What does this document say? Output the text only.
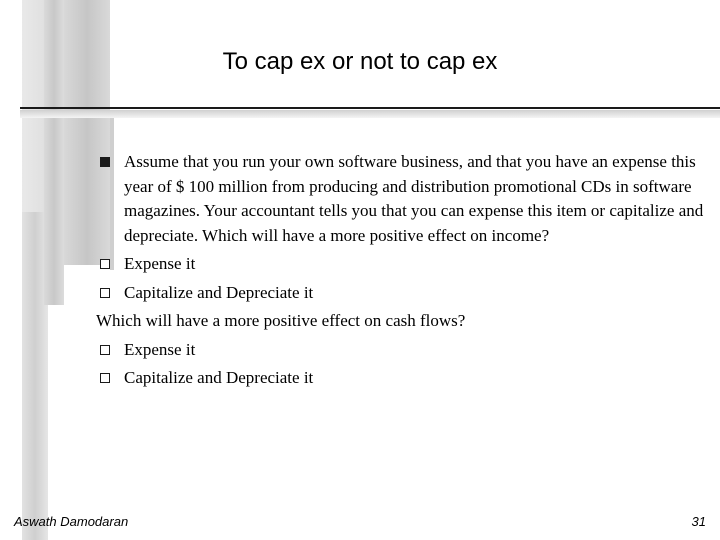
To cap ex or not to cap ex
Assume that you run your own software business, and that you have an expense this year of $ 100 million from producing and distribution promotional CDs in software magazines. Your accountant tells you that you can expense this item or capitalize and depreciate. Which will have a more positive effect on income?
Expense it
Capitalize and Depreciate it
Which will have a more positive effect on cash flows?
Expense it
Capitalize and Depreciate it
Aswath Damodaran	31
